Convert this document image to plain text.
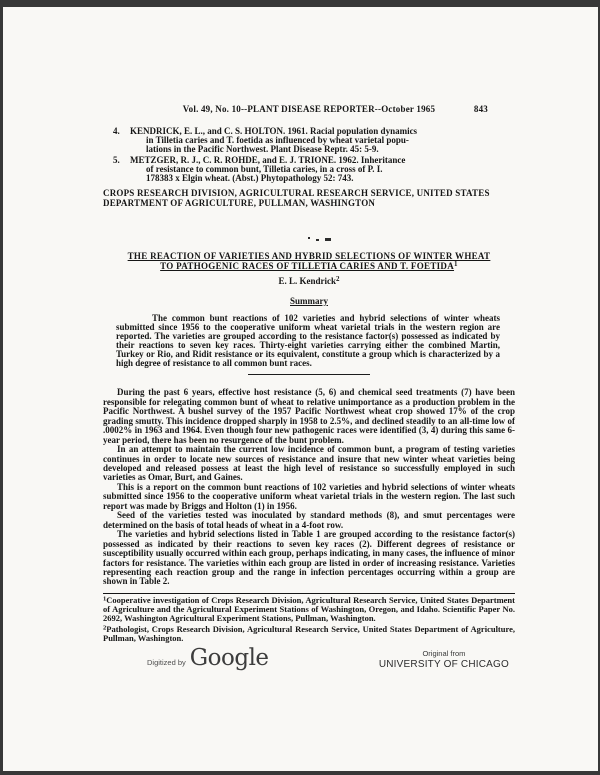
Vol. 49, No. 10--PLANT DISEASE REPORTER--October 1965	843
4. KENDRICK, E. L., and C. S. HOLTON. 1961. Racial population dynamics
in Tilletia caries and T. foetida as influenced by wheat varietal popu-
lations in the Pacific Northwest. Plant Disease Reptr. 45: 5-9.
5. METZGER, R. J., C. R. ROHDE, and E. J. TRIONE. 1962. Inheritance
of resistance to common bunt, Tilletia caries, in a cross of P. I.
178383 x Elgin wheat. (Abst.) Phytopathology 52: 743.
CROPS RESEARCH DIVISION, AGRICULTURAL RESEARCH SERVICE, UNITED STATES
DEPARTMENT OF AGRICULTURE, PULLMAN, WASHINGTON
THE REACTION OF VARIETIES AND HYBRID SELECTIONS OF WINTER WHEAT
TO PATHOGENIC RACES OF TILLETIA CARIES AND T. FOETIDA$^1$
E. L. Kendrick$^2$
Summary

The common bunt reactions of 102 varieties and hybrid selections of winter wheats submitted since 1956 to the cooperative uniform wheat varietal trials in the western region are reported. The varieties are grouped according to the resistance factor(s) possessed as indicated by their reactions to seven key races. Thirty-eight varieties carrying either the combined Martin, Turkey or Rio, and Ridit resistance or its equivalent, constitute a group which is characterized by a high degree of resistance to all common bunt races.

During the past 6 years, effective host resistance (5, 6) and chemical seed treatments (7) have been responsible for relegating common bunt of wheat to relative unimportance as a production problem in the Pacific Northwest. A bushel survey of the 1957 Pacific Northwest wheat crop showed 17% of the crop grading smutty. This incidence dropped sharply in 1958 to 2.5%, and declined steadily to an all-time low of .0002% in 1963 and 1964. Even though four new pathogenic races were identified (3, 4) during this same 6-year period, there has been no resurgence of the bunt problem.

In an attempt to maintain the current low incidence of common bunt, a program of testing varieties continues in order to locate new sources of resistance and insure that new winter wheat varieties being developed and released possess at least the high level of resistance so successfully employed in such varieties as Omar, Burt, and Gaines.

This is a report on the common bunt reactions of 102 varieties and hybrid selections of winter wheats submitted since 1956 to the cooperative uniform wheat varietal trials in the western region. The last such report was made by Briggs and Holton (1) in 1956.

Seed of the varieties tested was inoculated by standard methods (8), and smut percentages were determined on the basis of total heads of wheat in a 4-foot row.

The varieties and hybrid selections listed in Table 1 are grouped according to the resistance factor(s) possessed as indicated by their reactions to seven key races (2). Different degrees of resistance or susceptibility usually occurred within each group, perhaps indicating, in many cases, the influence of minor factors for resistance. The varieties within each group are listed in order of increasing resistance. Varieties representing each reaction group and the range in infection percentages occurring within a group are shown in Table 2.

$^1$Cooperative investigation of Crops Research Division, Agricultural Research Service, United States Department of Agriculture and the Agricultural Experiment Stations of Washington, Oregon, and Idaho. Scientific Paper No. 2692, Washington Agricultural Experiment Stations, Pullman, Washington.
$^2$Pathologist, Crops Research Division, Agricultural Research Service, United States Department of Agriculture, Pullman, Washington.
Digitized by Google	Original from
UNIVERSITY OF CHICAGO
